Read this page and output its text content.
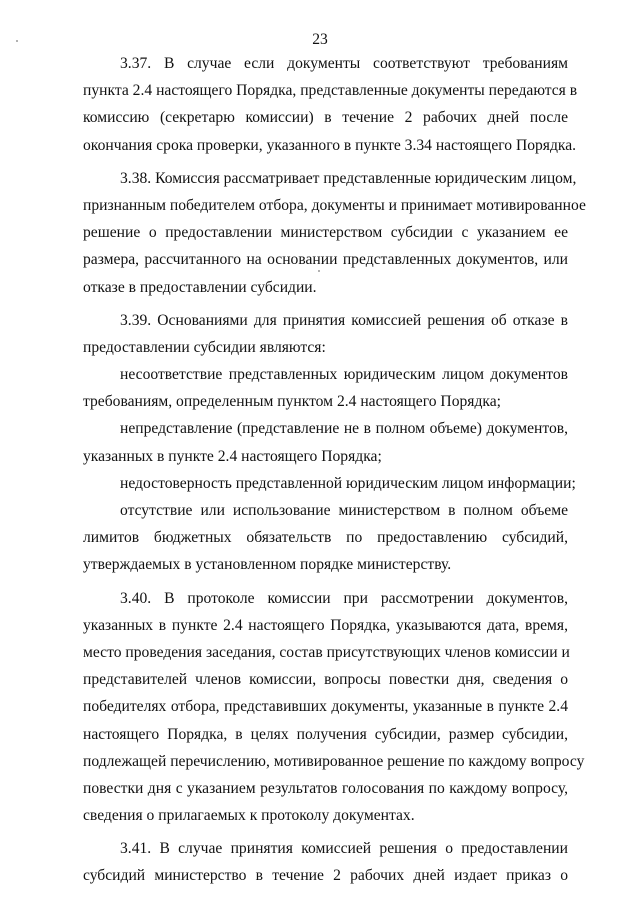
23
3.37. В случае если документы соответствуют требованиям
пункта 2.4 настоящего Порядка, представленные документы передаются в
комиссию (секретарю комиссии) в течение 2 рабочих дней после
окончания срока проверки, указанного в пункте 3.34 настоящего Порядка.
3.38. Комиссия рассматривает представленные юридическим лицом,
признанным победителем отбора, документы и принимает мотивированное
решение о предоставлении министерством субсидии с указанием ее
размера, рассчитанного на основании представленных документов, или
отказе в предоставлении субсидии.
3.39. Основаниями для принятия комиссией решения об отказе в
предоставлении субсидии являются:
несоответствие представленных юридическим лицом документов
требованиям, определенным пунктом 2.4 настоящего Порядка;
непредставление (представление не в полном объеме) документов,
указанных в пункте 2.4 настоящего Порядка;
недостоверность представленной юридическим лицом информации;
отсутствие или использование министерством в полном объеме
лимитов бюджетных обязательств по предоставлению субсидий,
утверждаемых в установленном порядке министерству.
3.40. В протоколе комиссии при рассмотрении документов,
указанных в пункте 2.4 настоящего Порядка, указываются дата, время,
место проведения заседания, состав присутствующих членов комиссии и
представителей членов комиссии, вопросы повестки дня, сведения о
победителях отбора, представивших документы, указанные в пункте 2.4
настоящего Порядка, в целях получения субсидии, размер субсидии,
подлежащей перечислению, мотивированное решение по каждому вопросу
повестки дня с указанием результатов голосования по каждому вопросу,
сведения о прилагаемых к протоколу документах.
3.41. В случае принятия комиссией решения о предоставлении
субсидий министерство в течение 2 рабочих дней издает приказ о
